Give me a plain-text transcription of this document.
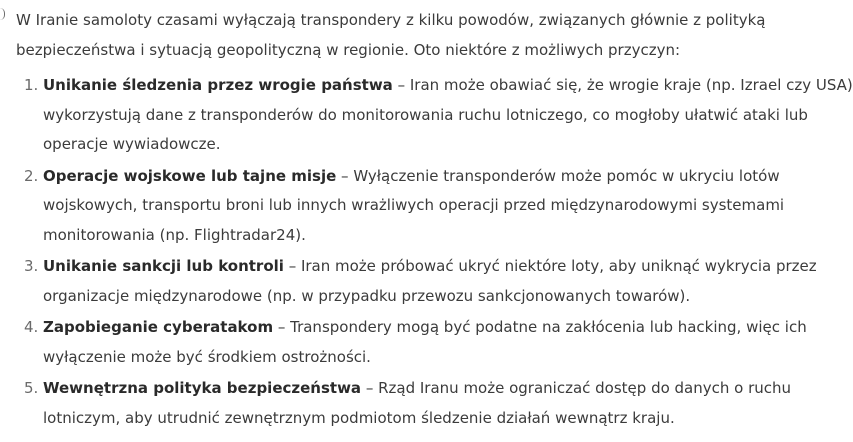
W Iranie samoloty czasami wyłączają transpondery z kilku powodów, związanych głównie z polityką
bezpieczeństwa i sytuacją geopolityczną w regionie. Oto niektóre z możliwych przyczyn:

1. Unikanie śledzenia przez wrogie państwa – Iran może obawiać się, że wrogie kraje (np. Izrael czy USA)
wykorzystują dane z transponderów do monitorowania ruchu lotniczego, co mogłoby ułatwić ataki lub
operacje wywiadowcze.
2. Operacje wojskowe lub tajne misje – Wyłączenie transponderów może pomóc w ukryciu lotów
wojskowych, transportu broni lub innych wrażliwych operacji przed międzynarodowymi systemami
monitorowania (np. Flightradar24).
3. Unikanie sankcji lub kontroli – Iran może próbować ukryć niektóre loty, aby uniknąć wykrycia przez
organizacje międzynarodowe (np. w przypadku przewozu sankcjonowanych towarów).
4. Zapobieganie cyberatakom – Transpondery mogą być podatne na zakłócenia lub hacking, więc ich
wyłączenie może być środkiem ostrożności.
5. Wewnętrzna polityka bezpieczeństwa – Rząd Iranu może ograniczać dostęp do danych o ruchu
lotniczym, aby utrudnić zewnętrznym podmiotom śledzenie działań wewnątrz kraju.
